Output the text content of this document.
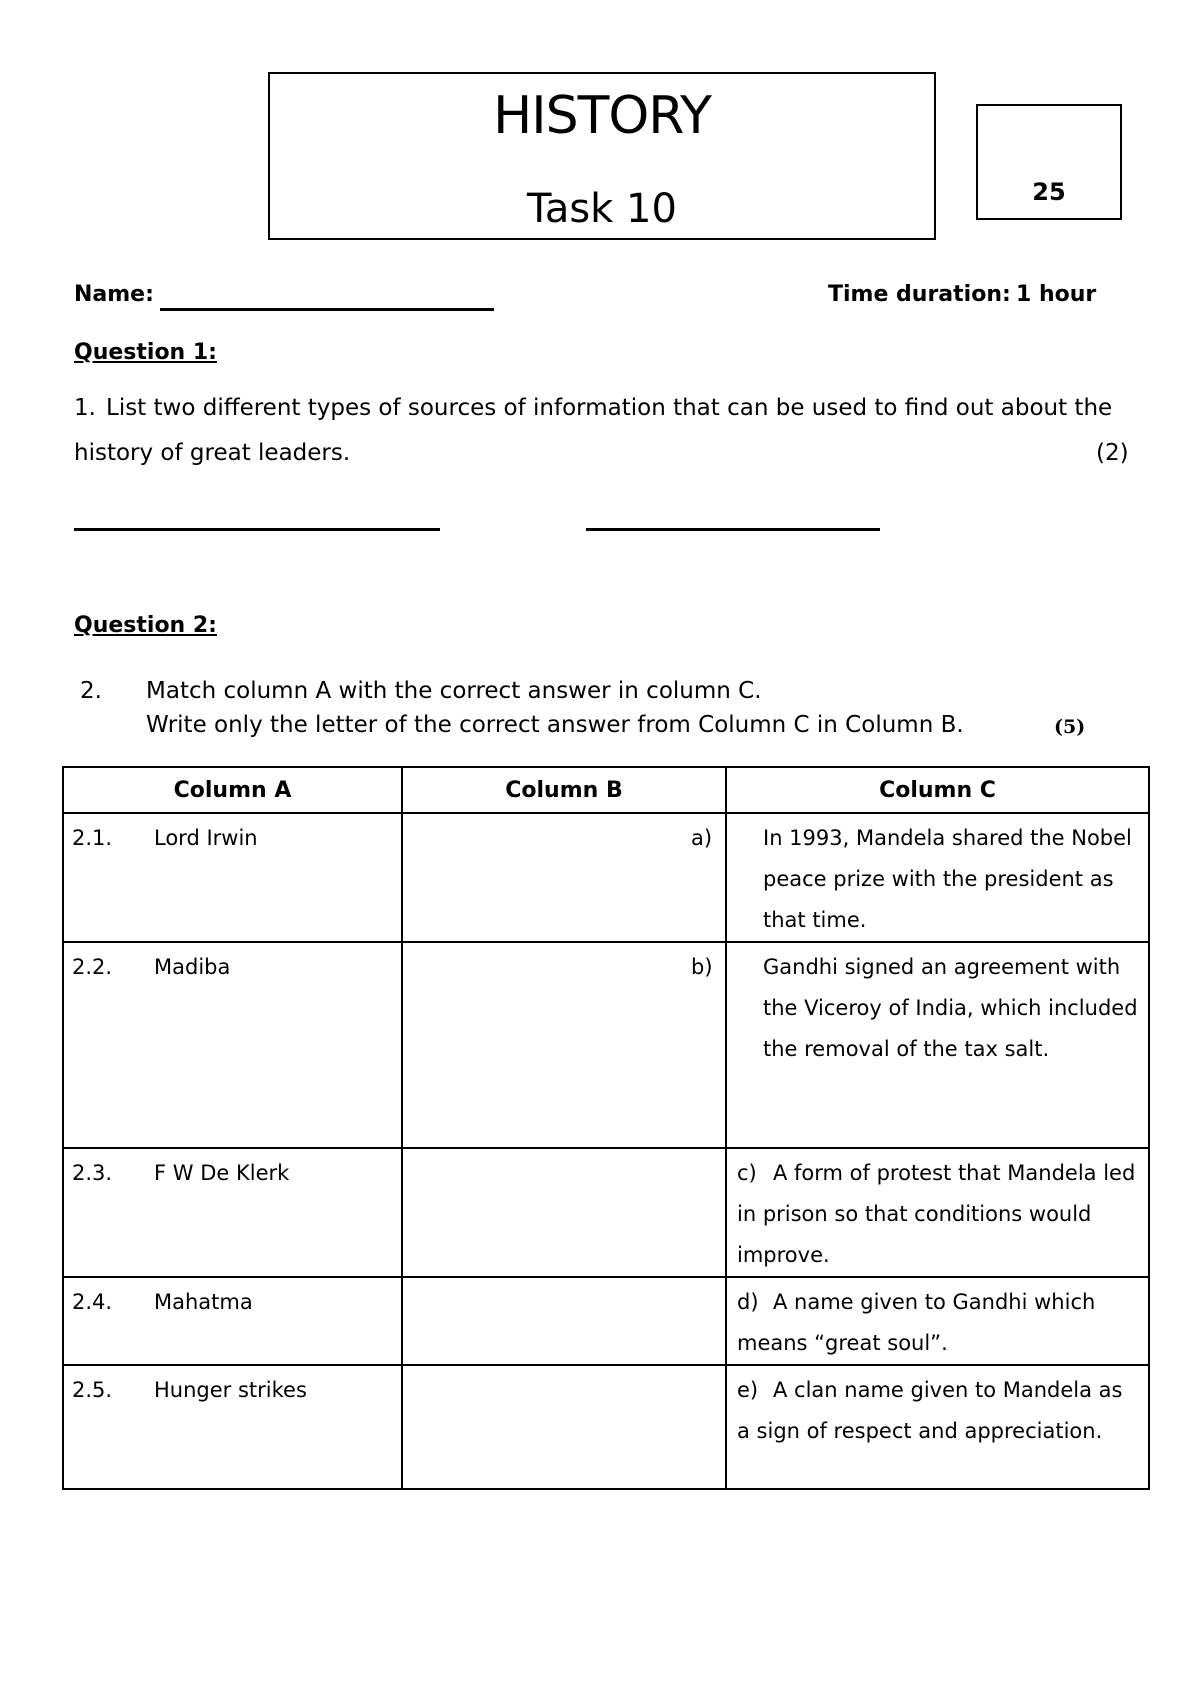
HISTORY
Task 10	25
Name:	Time duration: 1 hour
Question 1:
1. List two different types of sources of information that can be used to find out about the
history of great leaders.	(2)
Question 2:
2. Match column A with the correct answer in column C.
Write only the letter of the correct answer from Column C in Column B.	(5)
Column A	Column B	Column C

2.1. Lord Irwin		a) In 1993, Mandela shared the Nobel peace prize with the president as that time.

2.2. Madiba		b) Gandhi signed an agreement with the Viceroy of India, which included the removal of the tax salt.

2.3. F W De Klerk		c) A form of protest that Mandela led in prison so that conditions would improve.

2.4. Mahatma		d) A name given to Gandhi which means “great soul”.

2.5. Hunger strikes		e) A clan name given to Mandela as a sign of respect and appreciation.
